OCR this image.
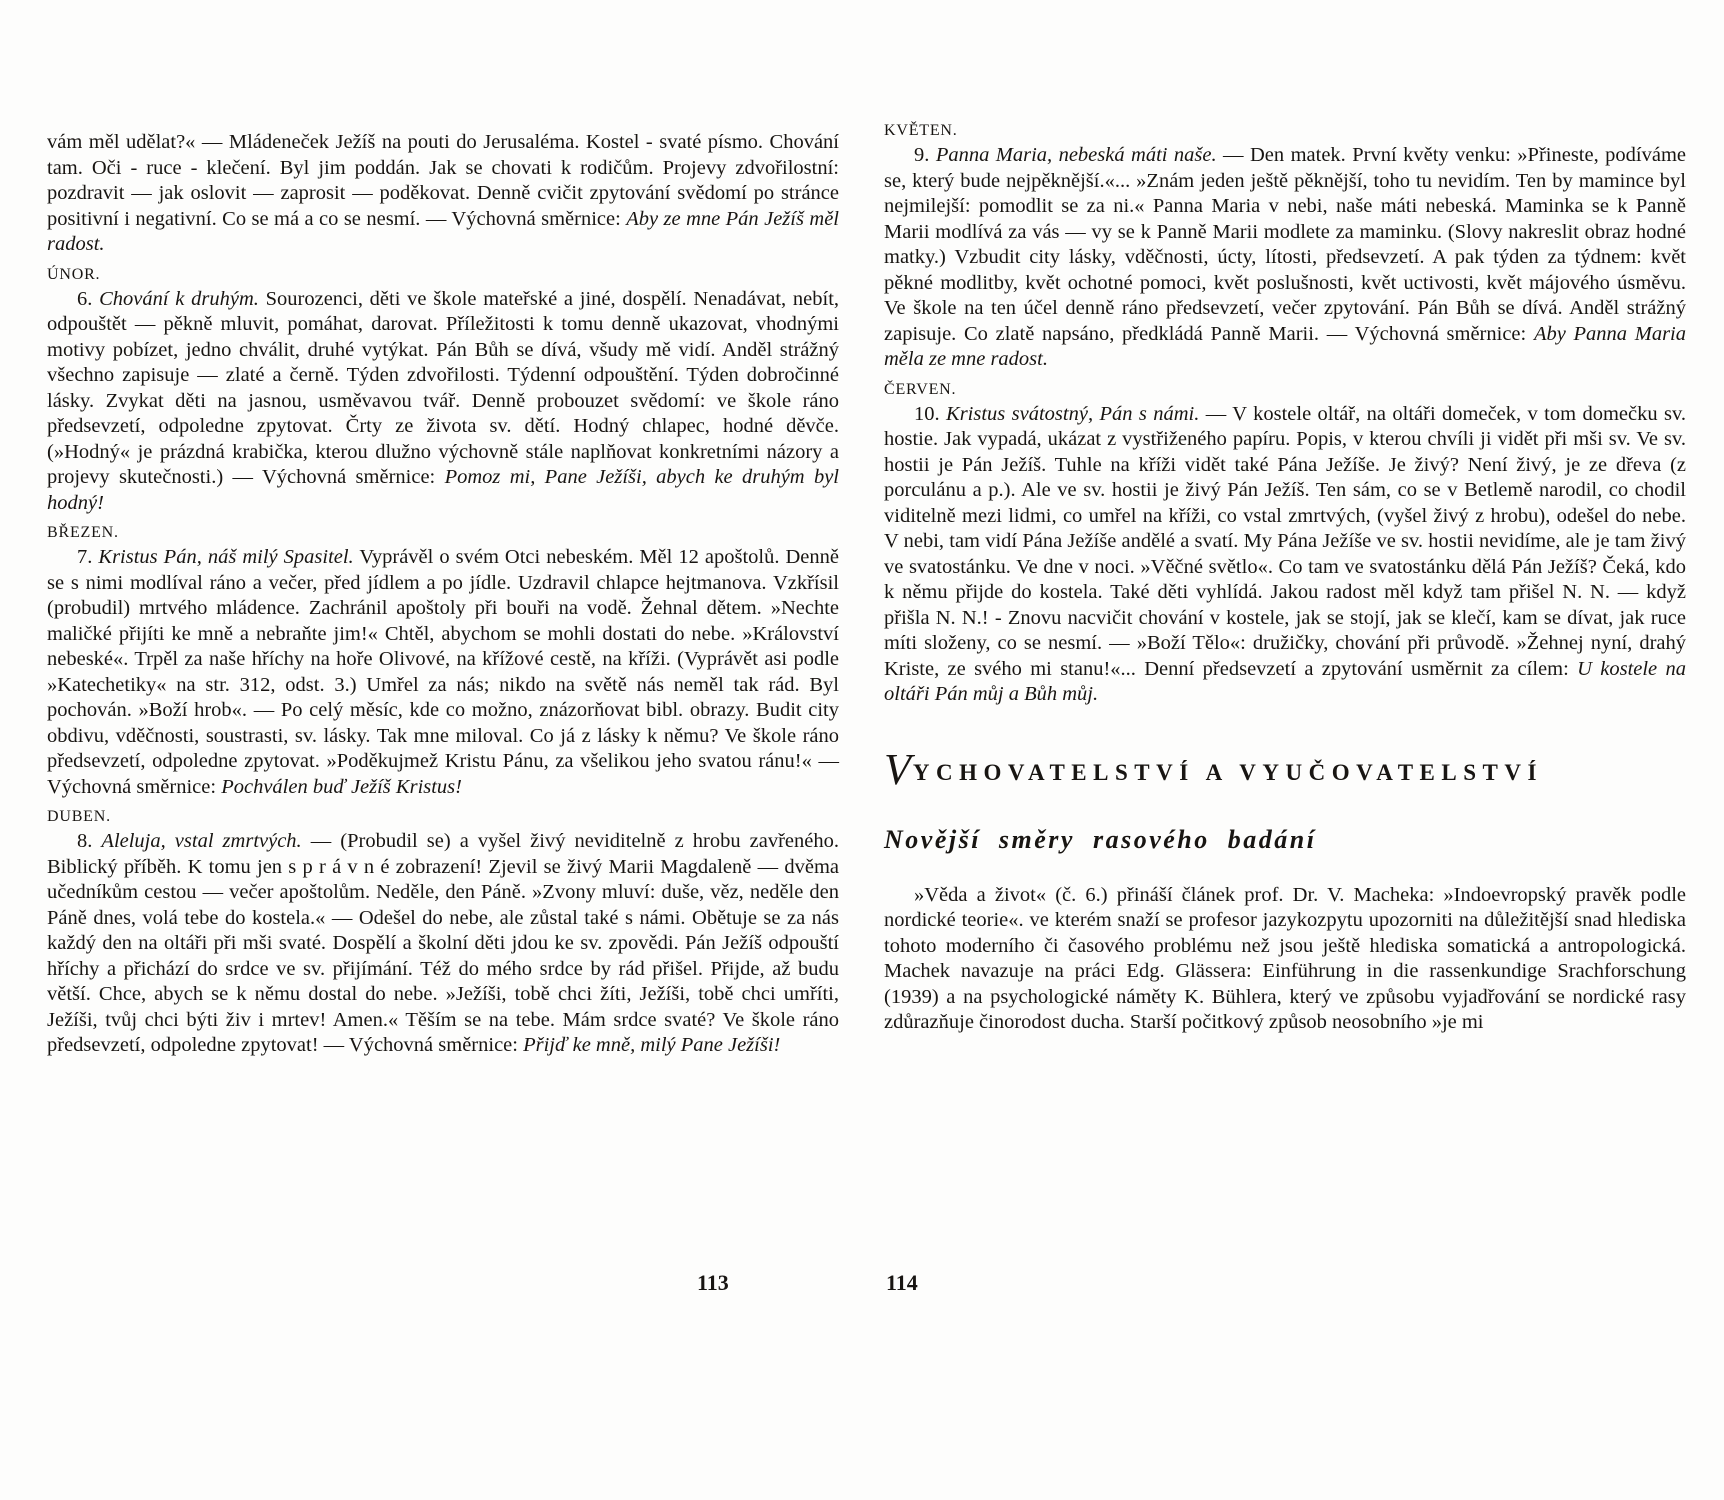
vám měl udělat?« — Mládeneček Ježíš na pouti do Jerusaléma. Kostel - svaté písmo. Chování tam. Oči - ruce - klečení. Byl jim poddán. Jak se chovati k rodičům. Projevy zdvořilostní: pozdravit — jak oslovit — zaprosit — poděkovat. Denně cvičit zpytování svědomí po stránce positivní i negativní. Co se má a co se nesmí. — Výchovná směrnice: Aby ze mne Pán Ježíš měl radost.

ÚNOR.

6. Chování k druhým. Sourozenci, děti ve škole mateřské a jiné, dospělí. Nenadávat, nebít, odpouštět — pěkně mluvit, pomáhat, darovat. Příležitosti k tomu denně ukazovat, vhodnými motivy pobízet, jedno chválit, druhé vytýkat. Pán Bůh se dívá, všudy mě vidí. Anděl strážný všechno zapisuje — zlaté a černě. Týden zdvořilosti. Týdenní odpouštění. Týden dobročinné lásky. Zvykat děti na jasnou, usměvavou tvář. Denně probouzet svědomí: ve škole ráno předsevzetí, odpoledne zpytovat. Črty ze života sv. dětí. Hodný chlapec, hodné děvče. (»Hodný« je prázdná krabička, kterou dlužno výchovně stále naplňovat konkretními názory a projevy skutečnosti.) — Výchovná směrnice: Pomoz mi, Pane Ježíši, abych ke druhým byl hodný!

BŘEZEN.

7. Kristus Pán, náš milý Spasitel. Vyprávěl o svém Otci nebeském. Měl 12 apoštolů. Denně se s nimi modlíval ráno a večer, před jídlem a po jídle. Uzdravil chlapce hejtmanova. Vzkřísil (probudil) mrtvého mládence. Zachránil apoštoly při bouři na vodě. Žehnal dětem. »Nechte maličké přijíti ke mně a nebraňte jim!« Chtěl, abychom se mohli dostati do nebe. »Království nebeské«. Trpěl za naše hříchy na hoře Olivové, na křížové cestě, na kříži. (Vyprávět asi podle »Katechetiky« na str. 312, odst. 3.) Umřel za nás; nikdo na světě nás neměl tak rád. Byl pochován. »Boží hrob«. — Po celý měsíc, kde co možno, znázorňovat bibl. obrazy. Budit city obdivu, vděčnosti, soustrasti, sv. lásky. Tak mne miloval. Co já z lásky k němu? Ve škole ráno předsevzetí, odpoledne zpytovat. »Poděkujmež Kristu Pánu, za všelikou jeho svatou ránu!« — Výchovná směrnice: Pochválen buď Ježíš Kristus!

DUBEN.

8. Aleluja, vstal zmrtvých. — (Probudil se) a vyšel živý neviditelně z hrobu zavřeného. Biblický příběh. K tomu jen s p r á v n é zobrazení! Zjevil se živý Marii Magdaleně — dvěma učedníkům cestou — večer apoštolům. Neděle, den Páně. »Zvony mluví: duše, věz, neděle den Páně dnes, volá tebe do kostela.« — Odešel do nebe, ale zůstal také s námi. Obětuje se za nás každý den na oltáři při mši svaté. Dospělí a školní děti jdou ke sv. zpovědi. Pán Ježíš odpouští hříchy a přichází do srdce ve sv. přijímání. Též do mého srdce by rád přišel. Přijde, až budu větší. Chce, abych se k němu dostal do nebe. »Ježíši, tobě chci žíti, Ježíši, tobě chci umříti, Ježíši, tvůj chci býti živ i mrtev! Amen.« Těším se na tebe. Mám srdce svaté? Ve škole ráno předsevzetí, odpoledne zpytovat! — Výchovná směrnice: Přijď ke mně, milý Pane Ježíši!

KVĚTEN.

9. Panna Maria, nebeská máti naše. — Den matek. První květy venku: »Přineste, podíváme se, který bude nejpěknější.«... »Znám jeden ještě pěknější, toho tu nevidím. Ten by mamince byl nejmilejší: pomodlit se za ni.« Panna Maria v nebi, naše máti nebeská. Maminka se k Panně Marii modlívá za vás — vy se k Panně Marii modlete za maminku. (Slovy nakreslit obraz hodné matky.) Vzbudit city lásky, vděčnosti, úcty, lítosti, předsevzetí. A pak týden za týdnem: květ pěkné modlitby, květ ochotné pomoci, květ poslušnosti, květ uctivosti, květ májového úsměvu. Ve škole na ten účel denně ráno předsevzetí, večer zpytování. Pán Bůh se dívá. Anděl strážný zapisuje. Co zlatě napsáno, předkládá Panně Marii. — Výchovná směrnice: Aby Panna Maria měla ze mne radost.

ČERVEN.

10. Kristus svátostný, Pán s námi. — V kostele oltář, na oltáři domeček, v tom domečku sv. hostie. Jak vypadá, ukázat z vystřiženého papíru. Popis, v kterou chvíli ji vidět při mši sv. Ve sv. hostii je Pán Ježíš. Tuhle na kříži vidět také Pána Ježíše. Je živý? Není živý, je ze dřeva (z porculánu a p.). Ale ve sv. hostii je živý Pán Ježíš. Ten sám, co se v Betlemě narodil, co chodil viditelně mezi lidmi, co umřel na kříži, co vstal zmrtvých, (vyšel živý z hrobu), odešel do nebe. V nebi, tam vidí Pána Ježíše andělé a svatí. My Pána Ježíše ve sv. hostii nevidíme, ale je tam živý ve svatostánku. Ve dne v noci. »Věčné světlo«. Co tam ve svatostánku dělá Pán Ježíš? Čeká, kdo k němu přijde do kostela. Také děti vyhlídá. Jakou radost měl když tam přišel N. N. — když přišla N. N.! - Znovu nacvičit chování v kostele, jak se stojí, jak se klečí, kam se dívat, jak ruce míti složeny, co se nesmí. — »Boží Tělo«: družičky, chování při průvodě. »Žehnej nyní, drahý Kriste, ze svého mi stanu!«... Denní předsevzetí a zpytování usměrnit za cílem: U kostele na oltáři Pán můj a Bůh můj.

VYCHOVATELSTVÍ A VYUČOVATELSTVÍ
Novější směry rasového badání

»Věda a život« (č. 6.) přináší článek prof. Dr. V. Macheka: »Indoevropský pravěk podle nordické teorie«. ve kterém snaží se profesor jazykozpytu upozorniti na důležitější snad hlediska tohoto moderního či časového problému než jsou ještě hlediska somatická a antropologická. Machek navazuje na práci Edg. Glässera: Einführung in die rassenkundige Srachforschung (1939) a na psychologické náměty K. Bühlera, který ve způsobu vyjadřování se nordické rasy zdůrazňuje činorodost ducha. Starší počitkový způsob neosobního »je mi

113	114
